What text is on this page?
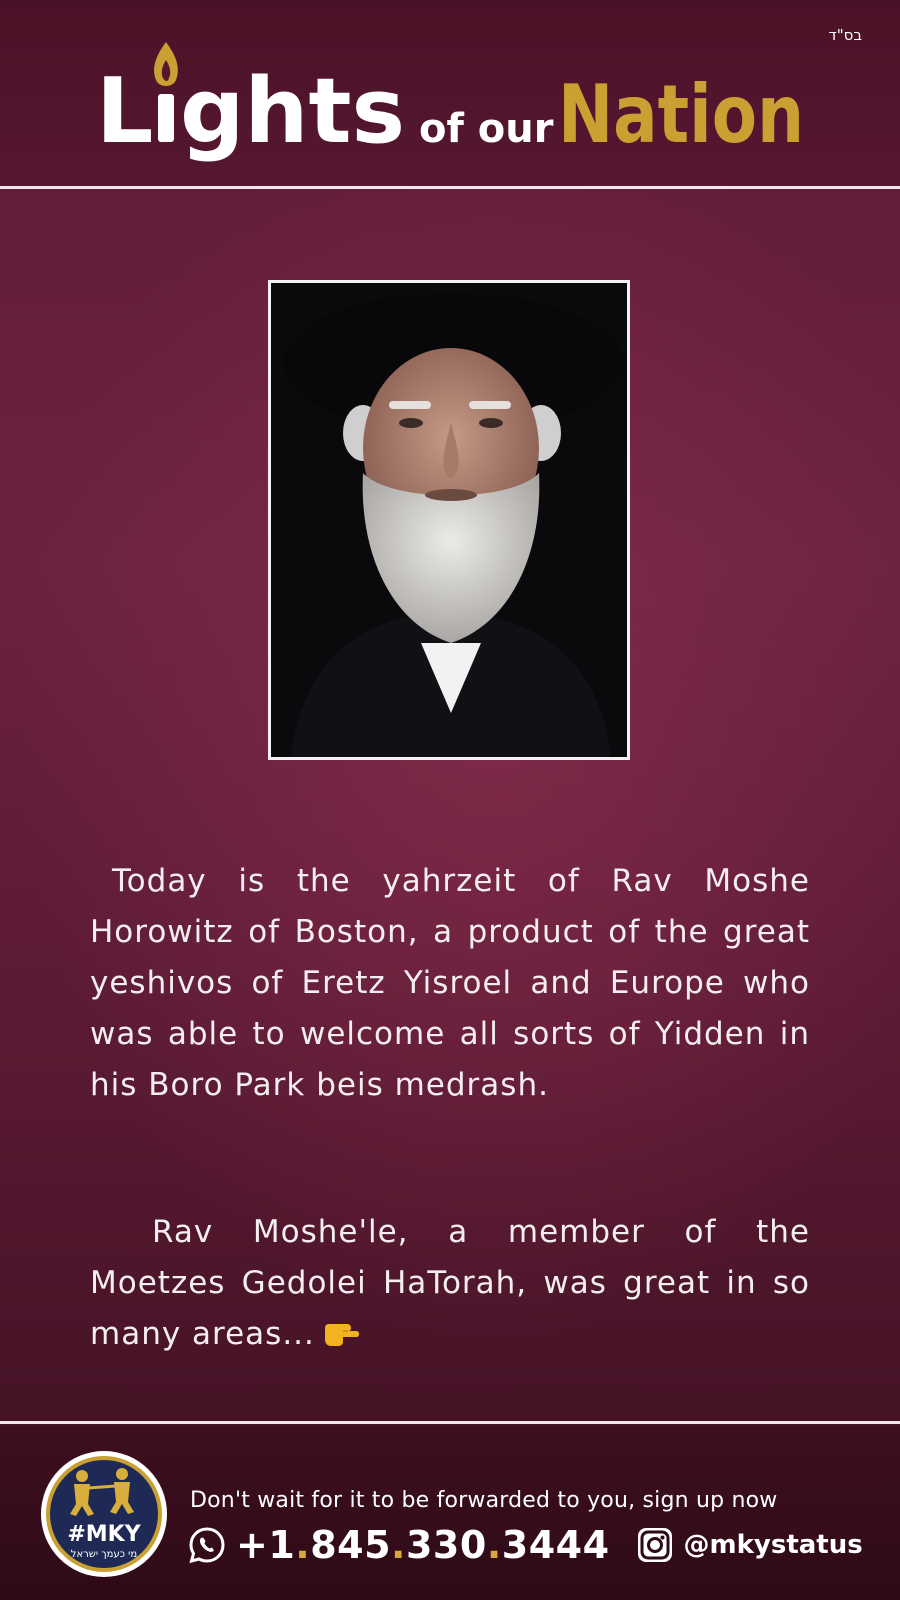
בס"ד
L ghts of our Nation

Today is the yahrzeit of Rav Moshe Horowitz of Boston, a product of the great yeshivos of Eretz Yisroel and Europe who was able to welcome all sorts of Yidden in his Boro Park beis medrash.

Rav Moshe'le, a member of the Moetzes Gedolei HaTorah, was great in so many areas...

#MKY
מי כעמך ישראל
Don't wait for it to be forwarded to you, sign up now
+1.845.330.3444	@mkystatus
